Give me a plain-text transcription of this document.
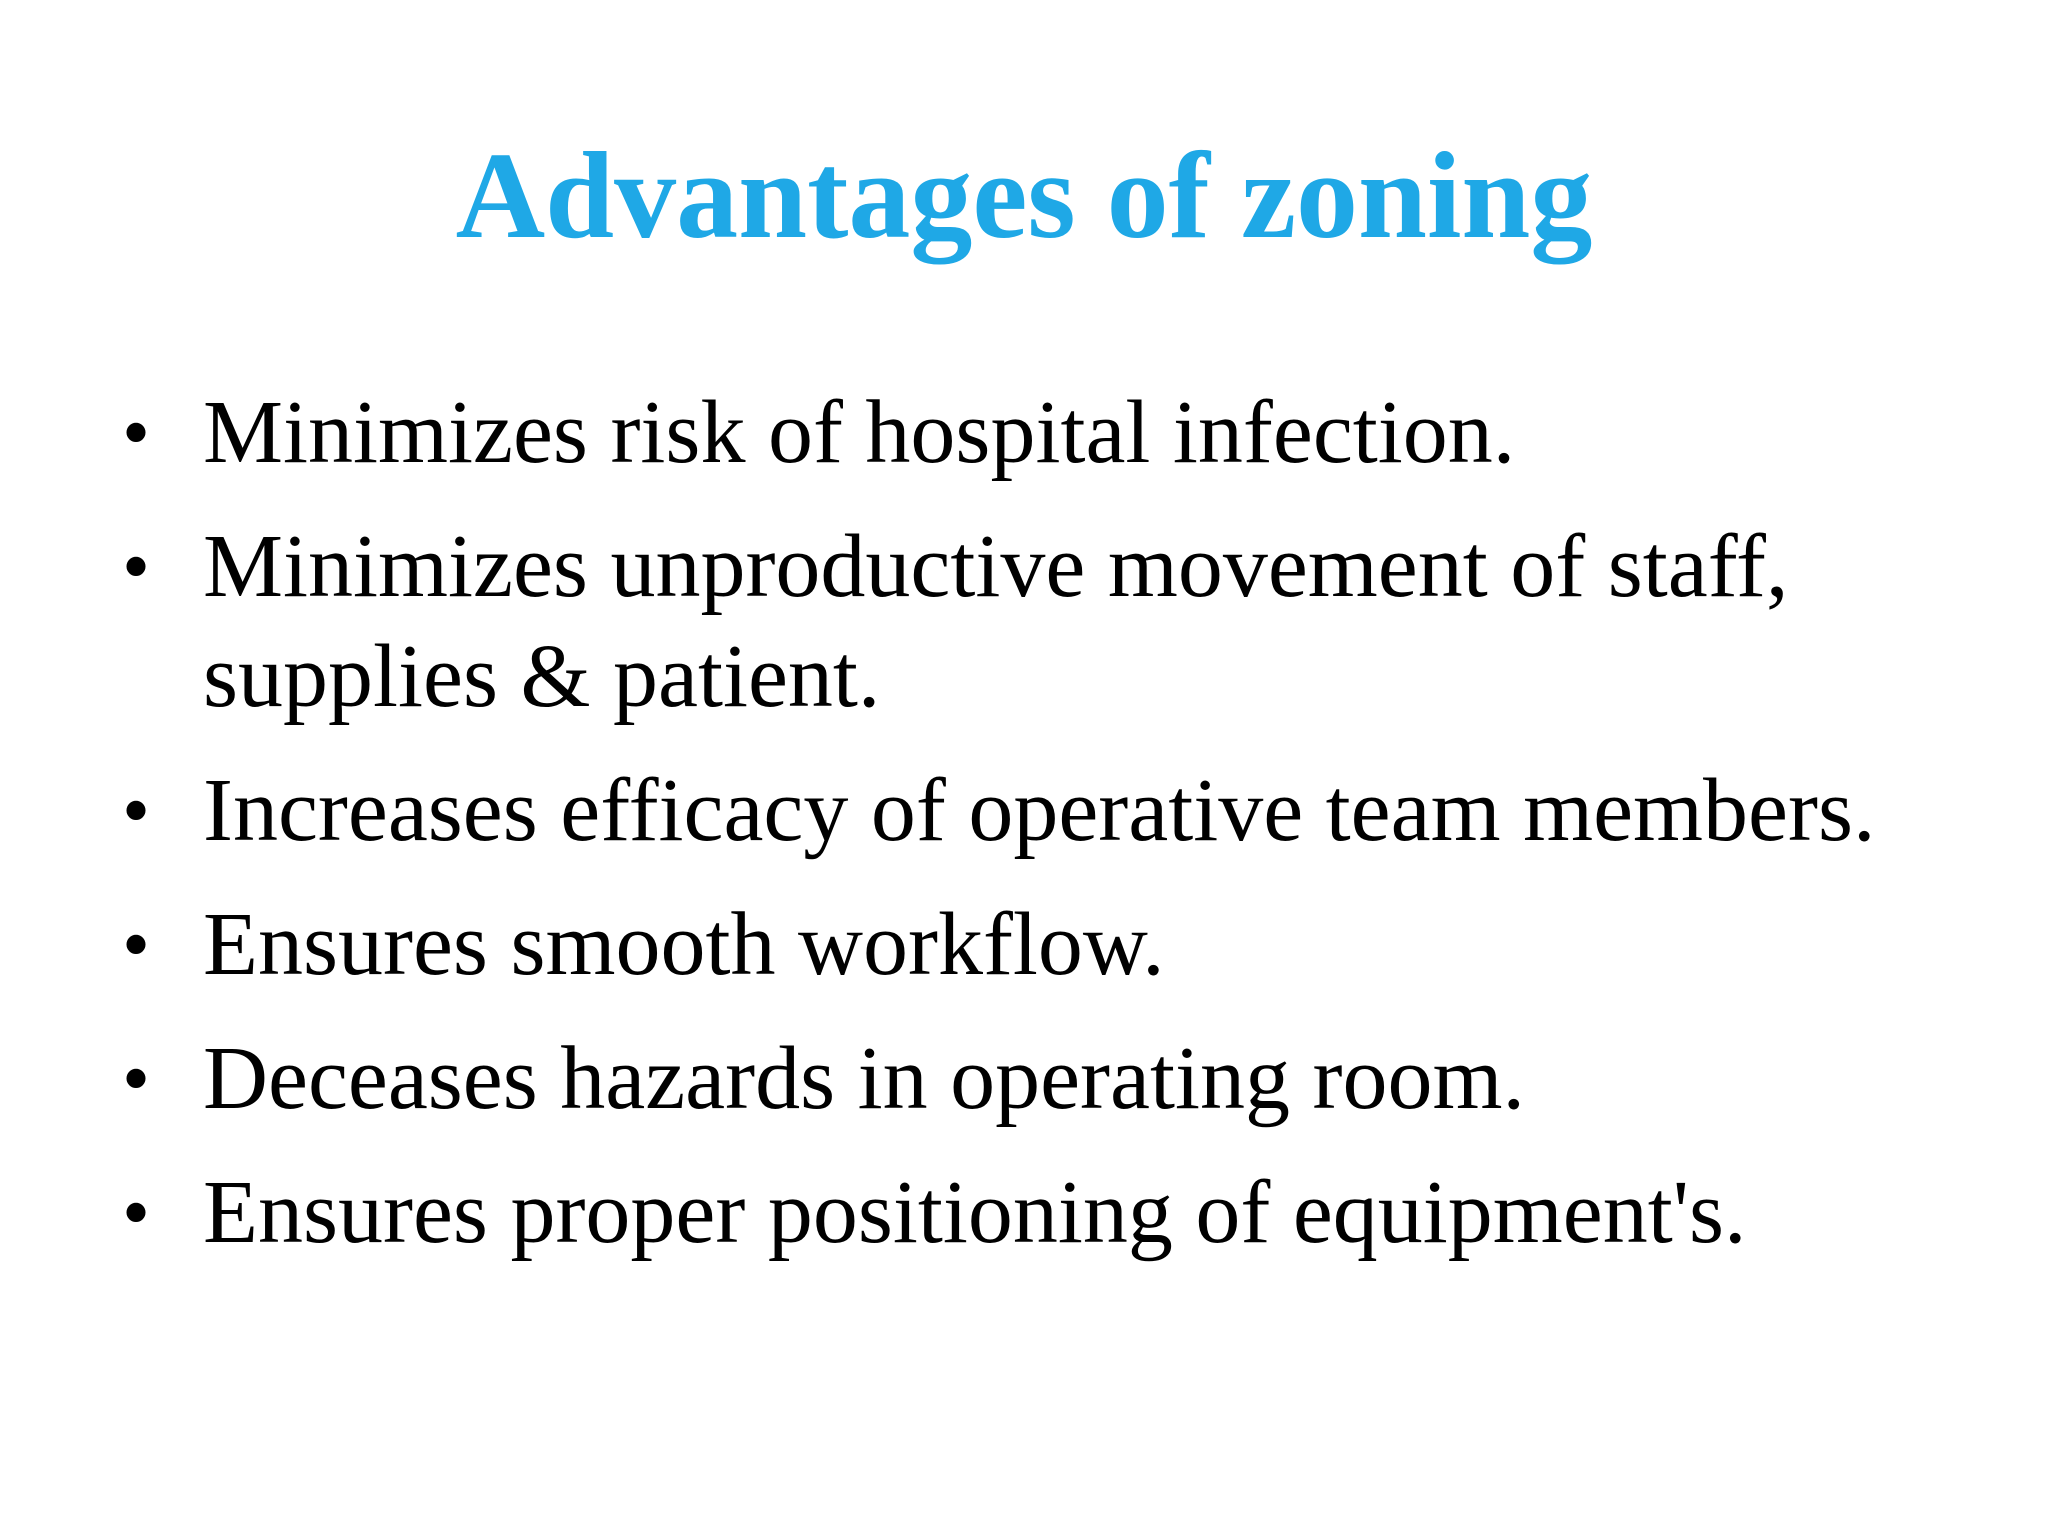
Advantages of zoning
• Minimizes risk of hospital infection.
• Minimizes unproductive movement of staff, supplies & patient.
• Increases efficacy of operative team members.
• Ensures smooth workflow.
• Deceases hazards in operating room.
• Ensures proper positioning of equipment's.
